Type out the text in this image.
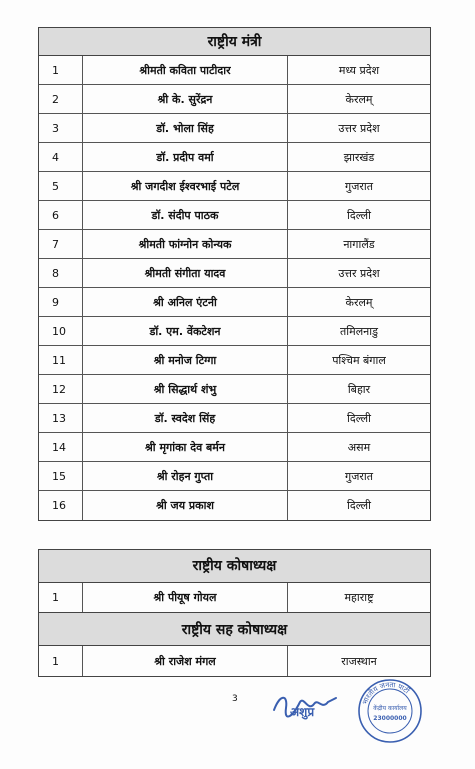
राष्ट्रीय मंत्री
1	श्रीमती कविता पाटीदार	मध्य प्रदेश
2	श्री के. सुरेंद्रन	केरलम्
3	डॉ. भोला सिंह	उत्तर प्रदेश
4	डॉ. प्रदीप वर्मा	झारखंड
5	श्री जगदीश ईश्वरभाई पटेल	गुजरात
6	डॉ. संदीप पाठक	दिल्ली
7	श्रीमती फांग्नोन कोन्यक	नागालैंड
8	श्रीमती संगीता यादव	उत्तर प्रदेश
9	श्री अनिल एंटनी	केरलम्
10	डॉ. एम. वेंकटेशन	तमिलनाडु
11	श्री मनोज टिग्गा	पश्चिम बंगाल
12	श्री सिद्धार्थ शंभु	बिहार
13	डॉ. स्वदेश सिंह	दिल्ली
14	श्री मृगांका देव बर्मन	असम
15	श्री रोहन गुप्ता	गुजरात
16	श्री जय प्रकाश	दिल्ली
राष्ट्रीय कोषाध्यक्ष
1	श्री पीयूष गोयल	महाराष्ट्र
राष्ट्रीय सह कोषाध्यक्ष
1	श्री राजेश मंगल	राजस्थान
3
अशुप्र
भारतीय जनता पार्टी
केंद्रीय कार्यालय
23000000
